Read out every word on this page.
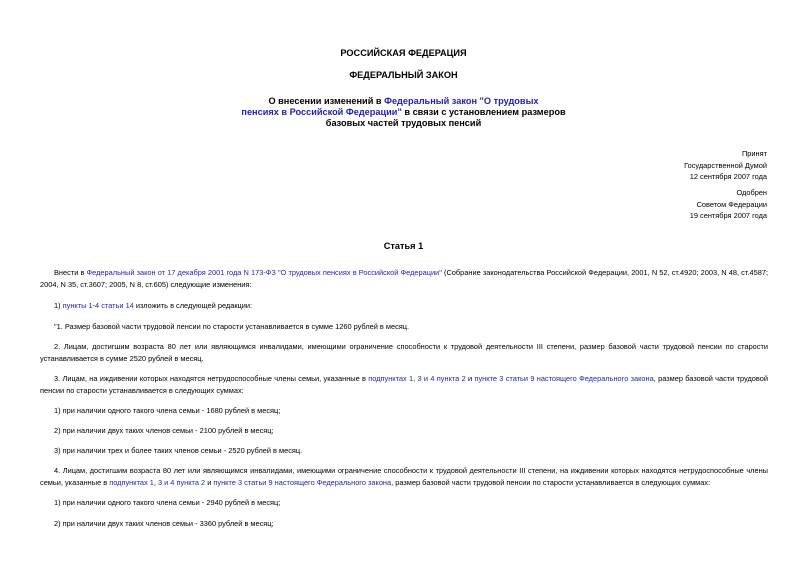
РОССИЙСКАЯ ФЕДЕРАЦИЯ
ФЕДЕРАЛЬНЫЙ ЗАКОН
О внесении изменений в Федеральный закон "О трудовых
пенсиях в Российской Федерации" в связи с установлением размеров
базовых частей трудовых пенсий
Принят
Государственной Думой
12 сентября 2007 года
Одобрен
Советом Федерации
19 сентября 2007 года
Статья 1
Внести в Федеральный закон от 17 декабря 2001 года N 173-ФЗ "О трудовых пенсиях в Российской Федерации" (Собрание законодательства Российской Федерации, 2001, N 52, ст.4920; 2003, N 48, ст.4587; 2004, N 35, ст.3607; 2005, N 8, ст.605) следующие изменения:
1) пункты 1-4 статьи 14 изложить в следующей редакции:
"1. Размер базовой части трудовой пенсии по старости устанавливается в сумме 1260 рублей в месяц.
2. Лицам, достигшим возраста 80 лет или являющимся инвалидами, имеющими ограничение способности к трудовой деятельности III степени, размер базовой части трудовой пенсии по старости устанавливается в сумме 2520 рублей в месяц.
3. Лицам, на иждивении которых находятся нетрудоспособные члены семьи, указанные в подпунктах 1, 3 и 4 пункта 2 и пункте 3 статьи 9 настоящего Федерального закона, размер базовой части трудовой пенсии по старости устанавливается в следующих суммах:
1) при наличии одного такого члена семьи - 1680 рублей в месяц;
2) при наличии двух таких членов семьи - 2100 рублей в месяц;
3) при наличии трех и более таких членов семьи - 2520 рублей в месяц.
4. Лицам, достигшим возраста 80 лет или являющимся инвалидами, имеющими ограничение способности к трудовой деятельности III степени, на иждивении которых находятся нетрудоспособные члены семьи, указанные в подпунктах 1, 3 и 4 пункта 2 и пункте 3 статьи 9 настоящего Федерального закона, размер базовой части трудовой пенсии по старости устанавливается в следующих суммах:
1) при наличии одного такого члена семьи - 2940 рублей в месяц;
2) при наличии двух таких членов семьи - 3360 рублей в месяц;
